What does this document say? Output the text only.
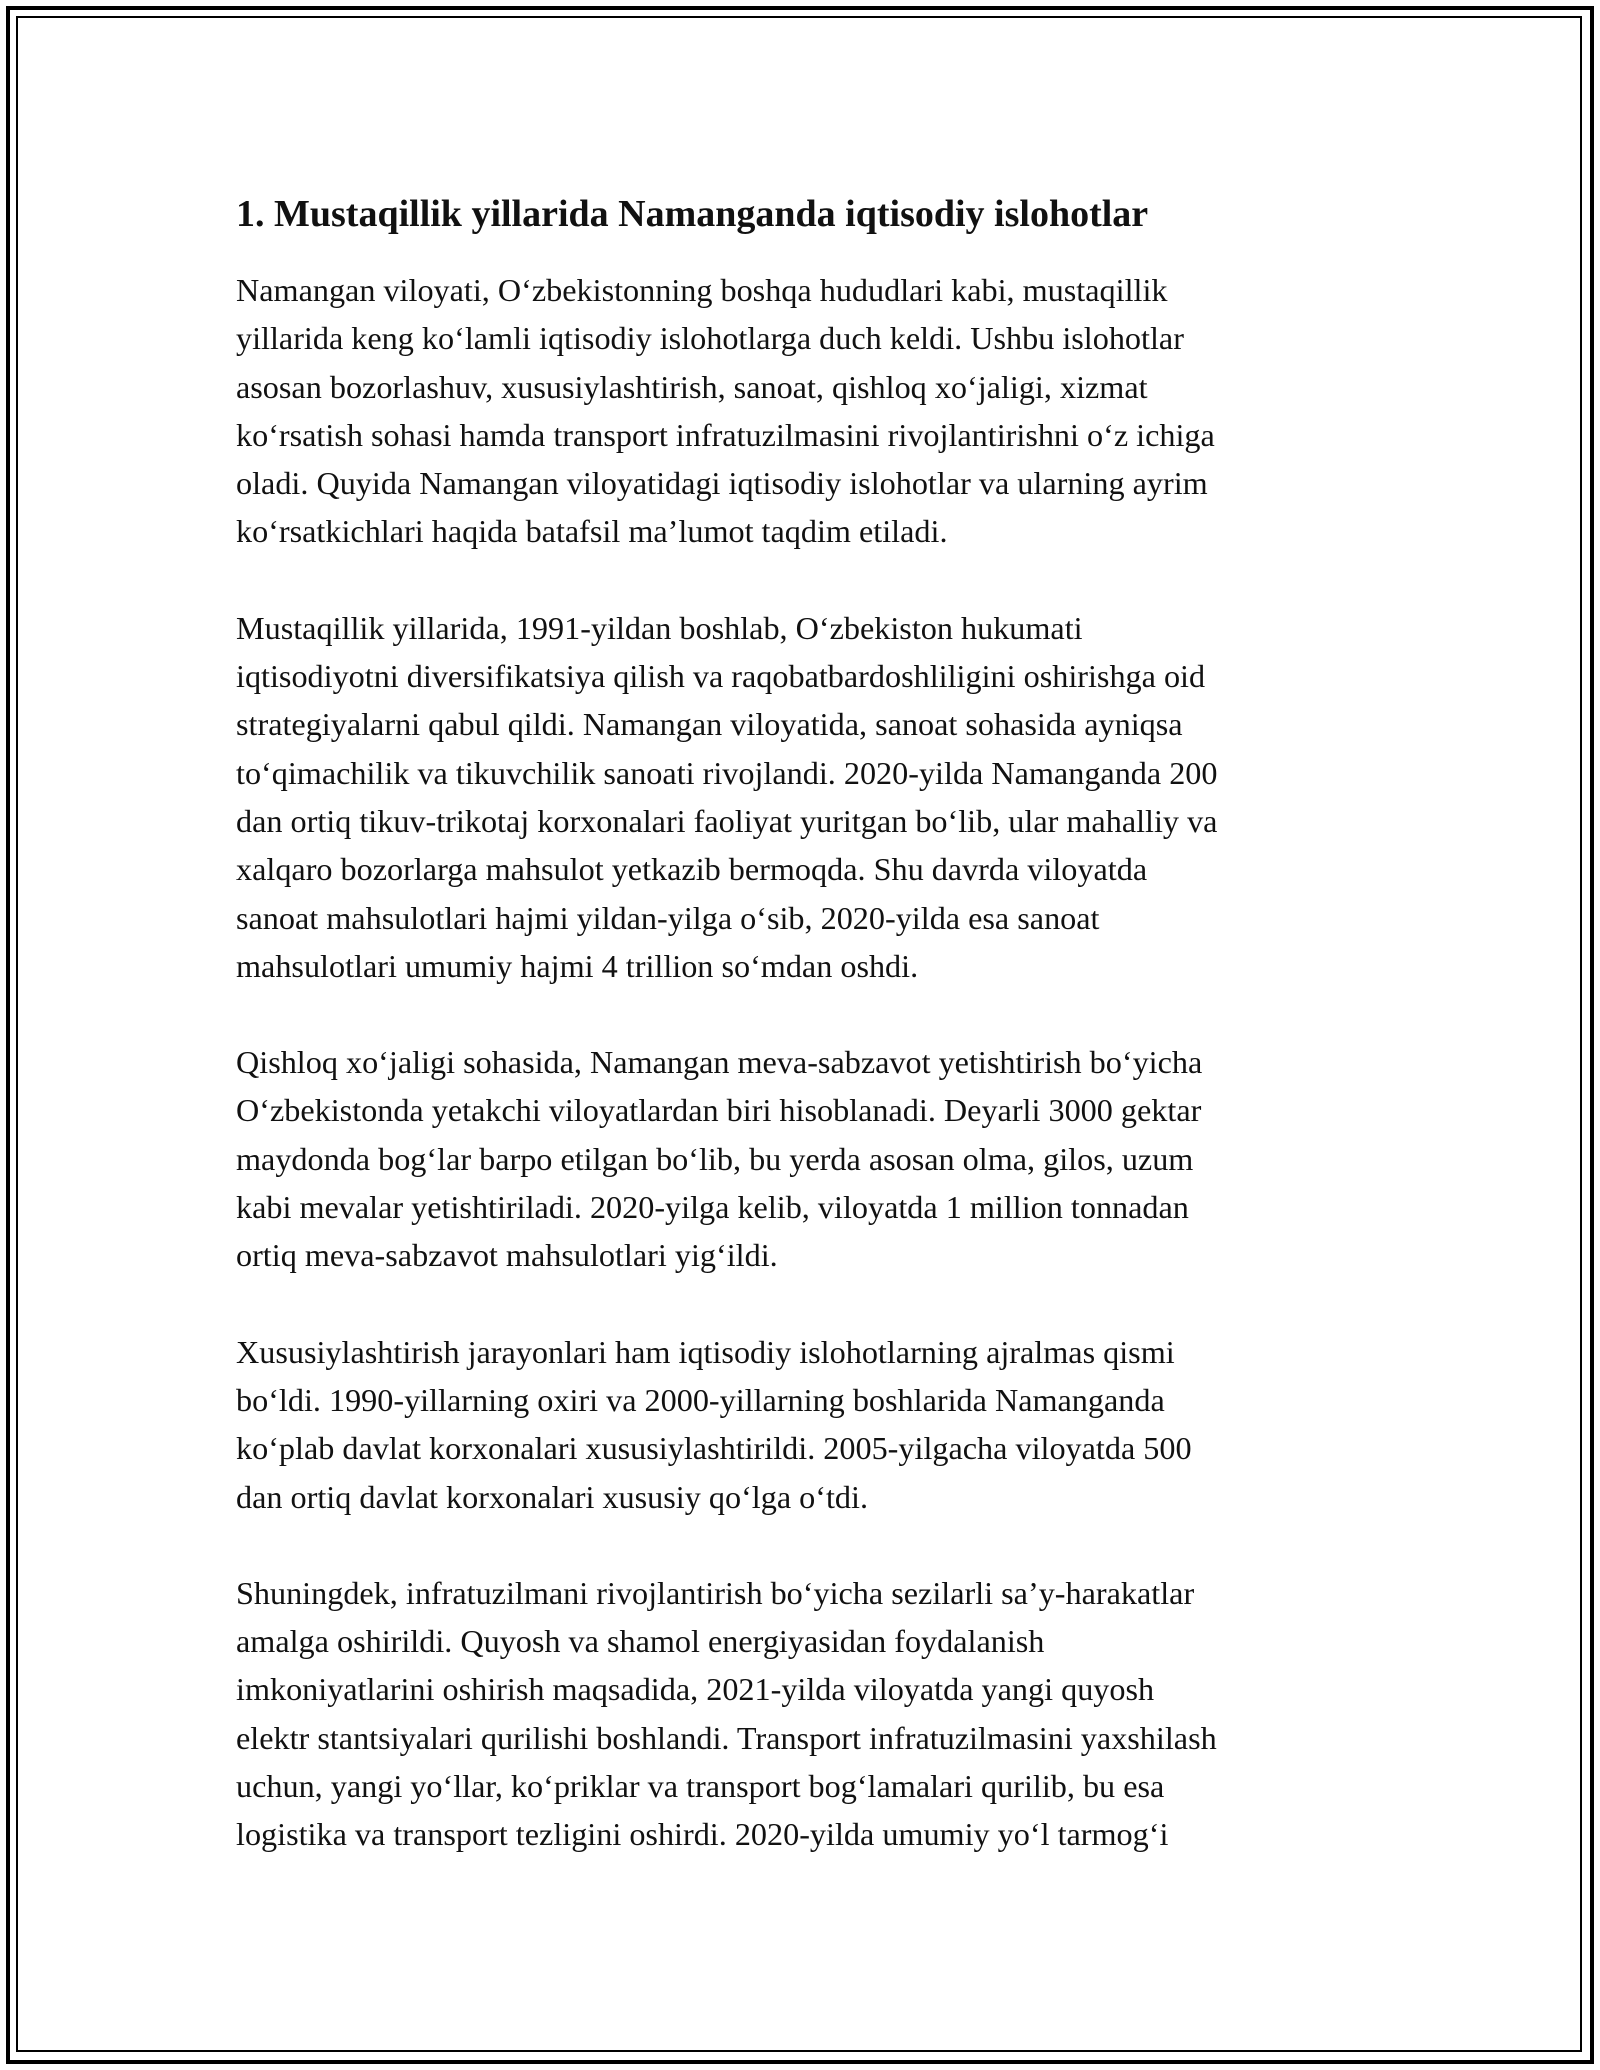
1. Mustaqillik yillarida Namanganda iqtisodiy islohotlar

Namangan viloyati, O‘zbekistonning boshqa hududlari kabi, mustaqillik
yillarida keng ko‘lamli iqtisodiy islohotlarga duch keldi. Ushbu islohotlar
asosan bozorlashuv, xususiylashtirish, sanoat, qishloq xo‘jaligi, xizmat
ko‘rsatish sohasi hamda transport infratuzilmasini rivojlantirishni o‘z ichiga
oladi. Quyida Namangan viloyatidagi iqtisodiy islohotlar va ularning ayrim
ko‘rsatkichlari haqida batafsil ma’lumot taqdim etiladi.

Mustaqillik yillarida, 1991-yildan boshlab, O‘zbekiston hukumati
iqtisodiyotni diversifikatsiya qilish va raqobatbardoshliligini oshirishga oid
strategiyalarni qabul qildi. Namangan viloyatida, sanoat sohasida ayniqsa
to‘qimachilik va tikuvchilik sanoati rivojlandi. 2020-yilda Namanganda 200
dan ortiq tikuv-trikotaj korxonalari faoliyat yuritgan bo‘lib, ular mahalliy va
xalqaro bozorlarga mahsulot yetkazib bermoqda. Shu davrda viloyatda
sanoat mahsulotlari hajmi yildan-yilga o‘sib, 2020-yilda esa sanoat
mahsulotlari umumiy hajmi 4 trillion so‘mdan oshdi.

Qishloq xo‘jaligi sohasida, Namangan meva-sabzavot yetishtirish bo‘yicha
O‘zbekistonda yetakchi viloyatlardan biri hisoblanadi. Deyarli 3000 gektar
maydonda bog‘lar barpo etilgan bo‘lib, bu yerda asosan olma, gilos, uzum
kabi mevalar yetishtiriladi. 2020-yilga kelib, viloyatda 1 million tonnadan
ortiq meva-sabzavot mahsulotlari yig‘ildi.

Xususiylashtirish jarayonlari ham iqtisodiy islohotlarning ajralmas qismi
bo‘ldi. 1990-yillarning oxiri va 2000-yillarning boshlarida Namanganda
ko‘plab davlat korxonalari xususiylashtirildi. 2005-yilgacha viloyatda 500
dan ortiq davlat korxonalari xususiy qo‘lga o‘tdi.

Shuningdek, infratuzilmani rivojlantirish bo‘yicha sezilarli sa’y-harakatlar
amalga oshirildi. Quyosh va shamol energiyasidan foydalanish
imkoniyatlarini oshirish maqsadida, 2021-yilda viloyatda yangi quyosh
elektr stantsiyalari qurilishi boshlandi. Transport infratuzilmasini yaxshilash
uchun, yangi yo‘llar, ko‘priklar va transport bog‘lamalari qurilib, bu esa
logistika va transport tezligini oshirdi. 2020-yilda umumiy yo‘l tarmog‘i
